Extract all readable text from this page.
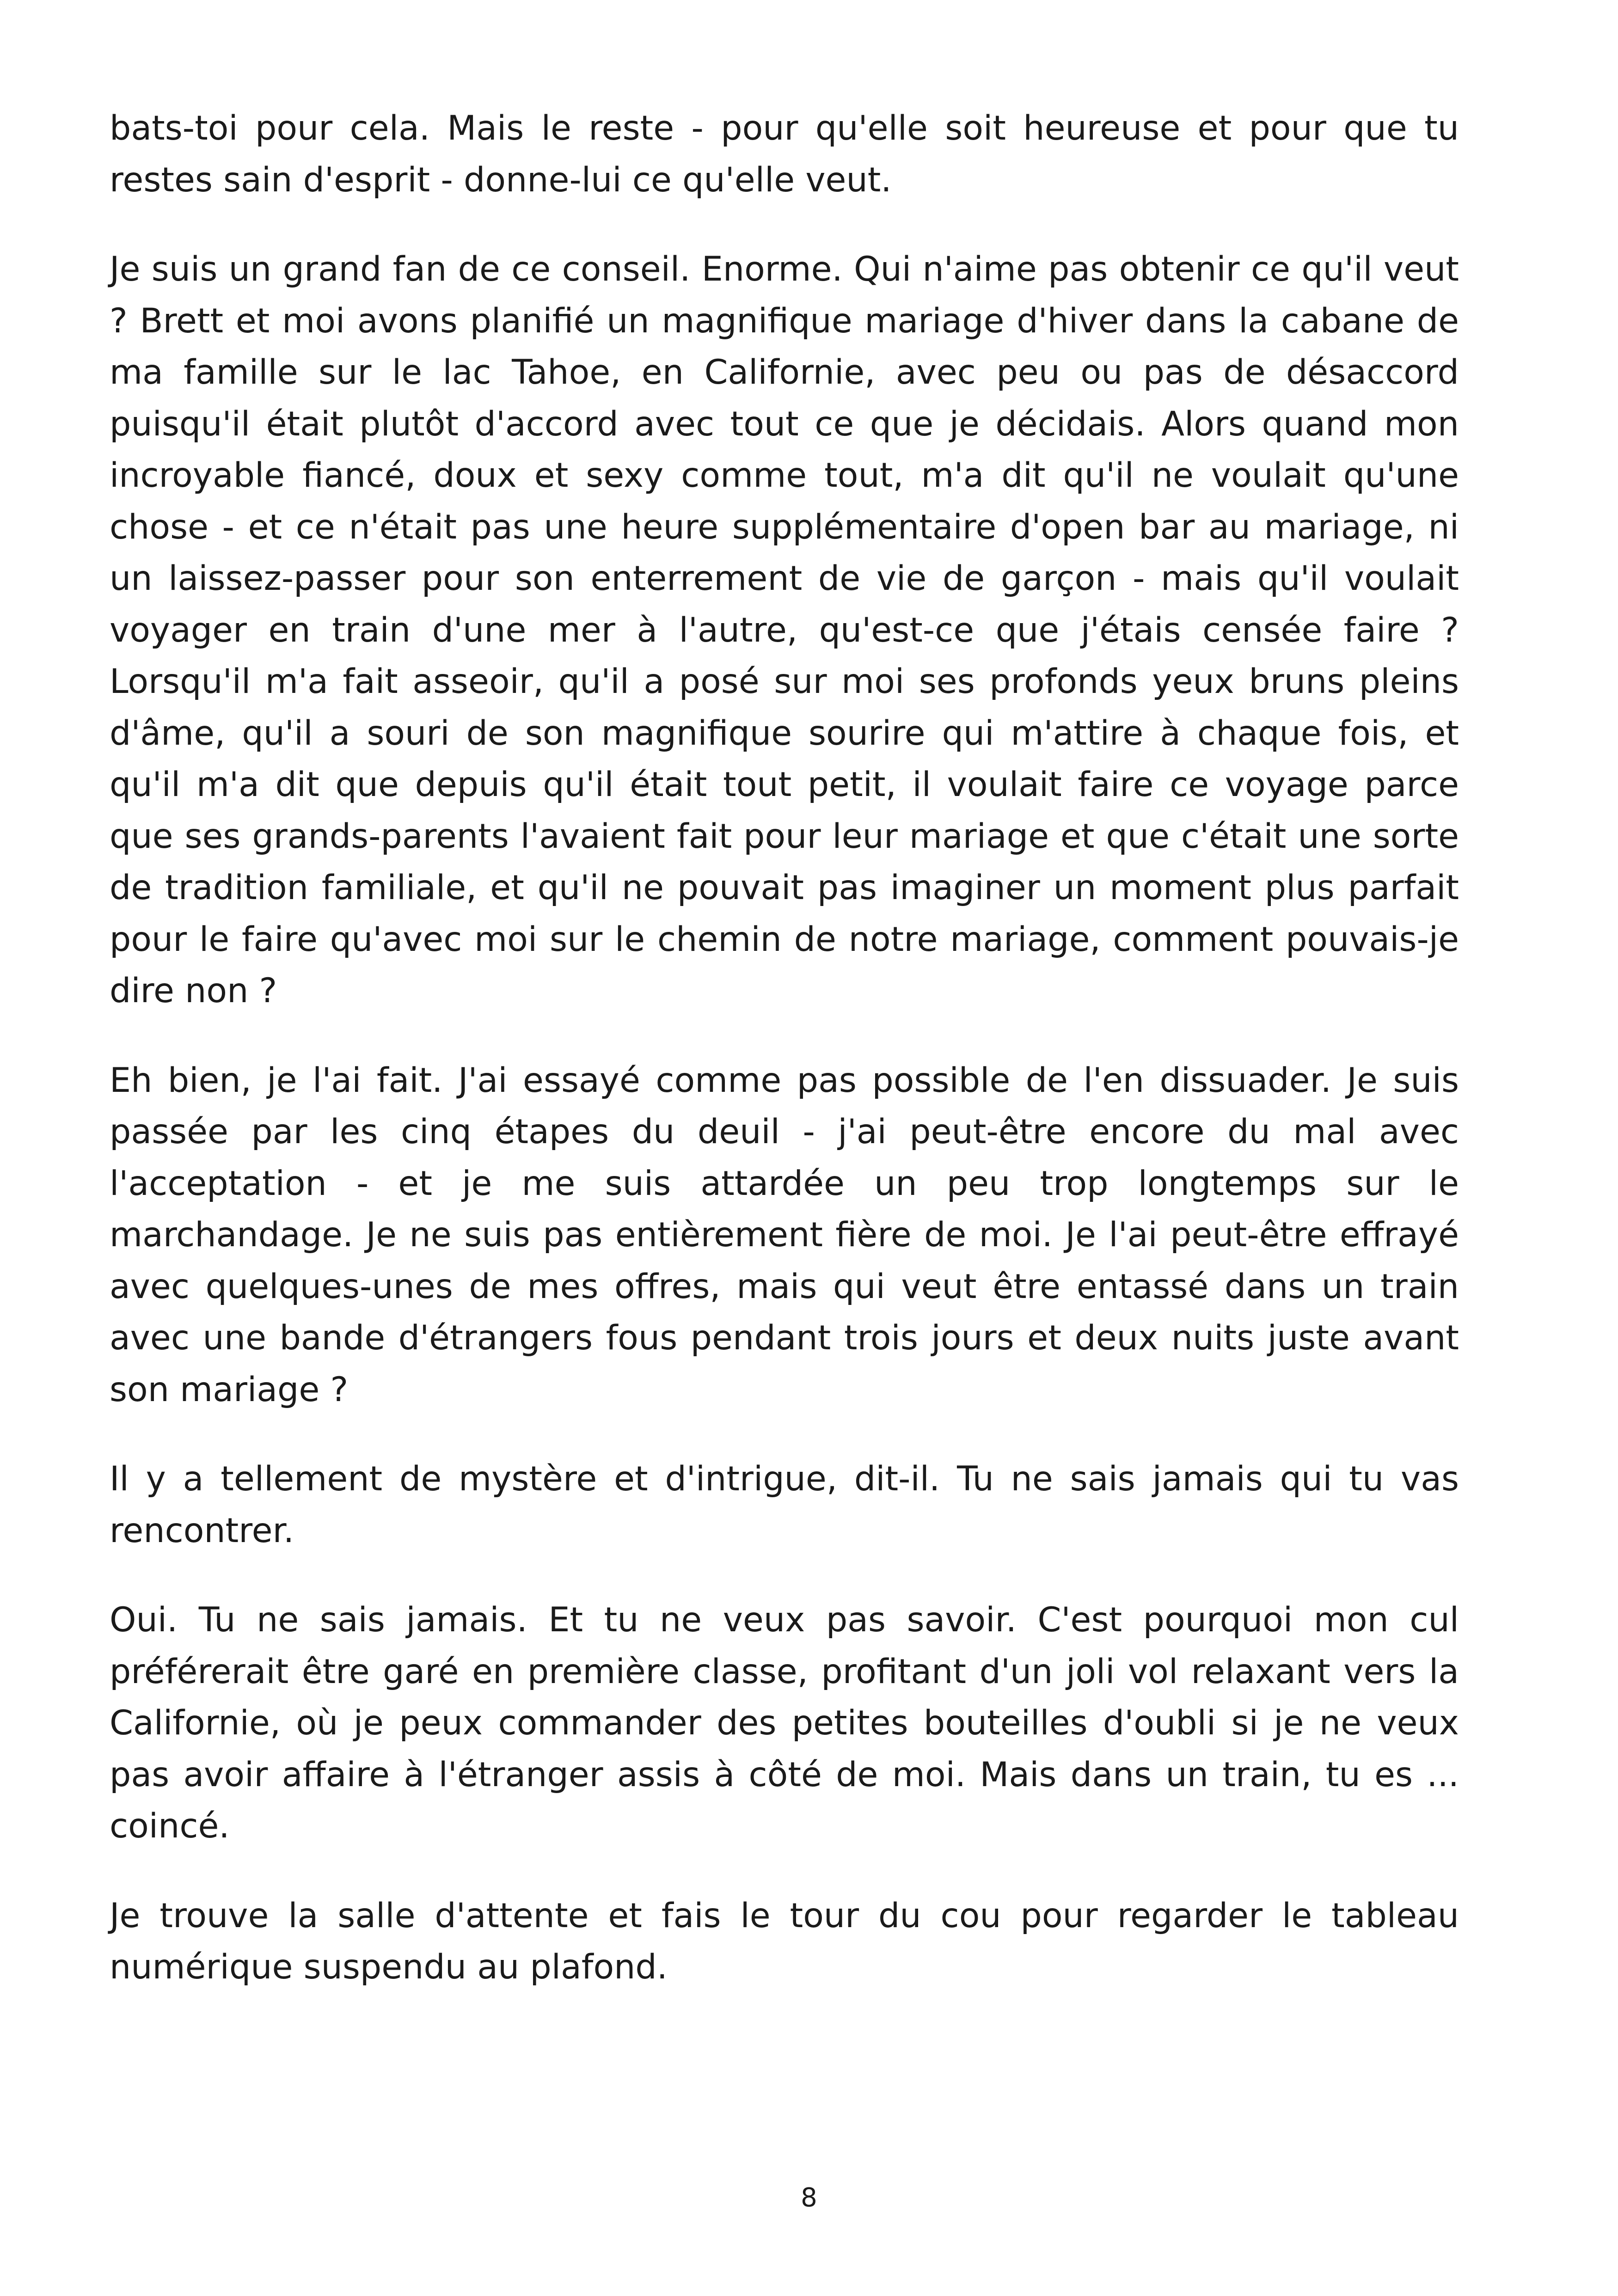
bats-toi pour cela. Mais le reste - pour qu'elle soit heureuse et pour que tu restes sain d'esprit - donne-lui ce qu'elle veut.

Je suis un grand fan de ce conseil. Enorme. Qui n'aime pas obtenir ce qu'il veut ? Brett et moi avons planifié un magnifique mariage d'hiver dans la cabane de ma famille sur le lac Tahoe, en Californie, avec peu ou pas de désaccord puisqu'il était plutôt d'accord avec tout ce que je décidais. Alors quand mon incroyable fiancé, doux et sexy comme tout, m'a dit qu'il ne voulait qu'une chose - et ce n'était pas une heure supplémentaire d'open bar au mariage, ni un laissez-passer pour son enterrement de vie de garçon - mais qu'il voulait voyager en train d'une mer à l'autre, qu'est-ce que j'étais censée faire ? Lorsqu'il m'a fait asseoir, qu'il a posé sur moi ses profonds yeux bruns pleins d'âme, qu'il a souri de son magnifique sourire qui m'attire à chaque fois, et qu'il m'a dit que depuis qu'il était tout petit, il voulait faire ce voyage parce que ses grands-parents l'avaient fait pour leur mariage et que c'était une sorte de tradition familiale, et qu'il ne pouvait pas imaginer un moment plus parfait pour le faire qu'avec moi sur le chemin de notre mariage, comment pouvais-je dire non ?

Eh bien, je l'ai fait. J'ai essayé comme pas possible de l'en dissuader. Je suis passée par les cinq étapes du deuil - j'ai peut-être encore du mal avec l'acceptation - et je me suis attardée un peu trop longtemps sur le marchandage. Je ne suis pas entièrement fière de moi. Je l'ai peut-être effrayé avec quelques-unes de mes offres, mais qui veut être entassé dans un train avec une bande d'étrangers fous pendant trois jours et deux nuits juste avant son mariage ?

Il y a tellement de mystère et d'intrigue, dit-il. Tu ne sais jamais qui tu vas rencontrer.

Oui. Tu ne sais jamais. Et tu ne veux pas savoir. C'est pourquoi mon cul préférerait être garé en première classe, profitant d'un joli vol relaxant vers la Californie, où je peux commander des petites bouteilles d'oubli si je ne veux pas avoir affaire à l'étranger assis à côté de moi. Mais dans un train, tu es ... coincé.

Je trouve la salle d'attente et fais le tour du cou pour regarder le tableau numérique suspendu au plafond.

8
